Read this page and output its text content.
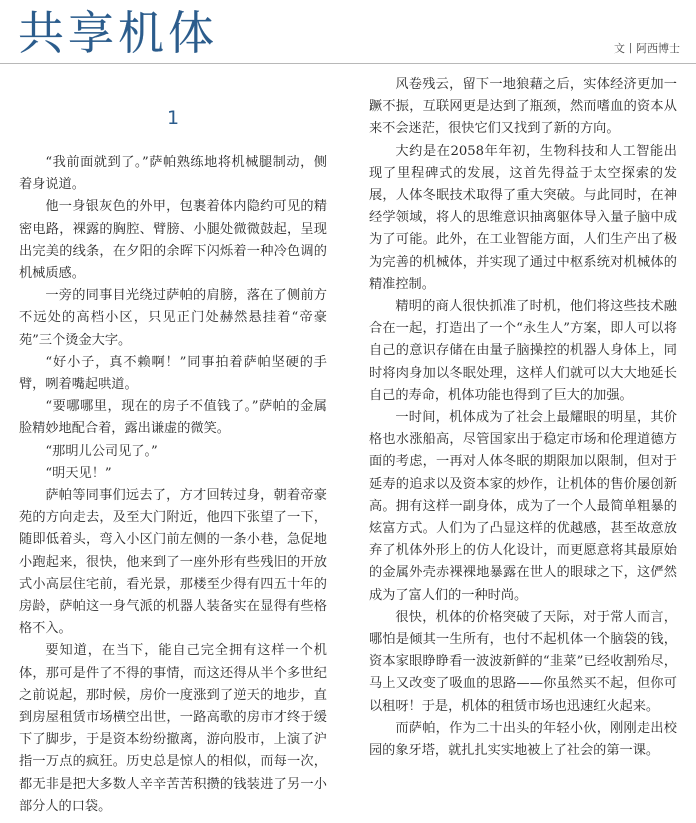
共享机体	文丨阿西博士
1

“我前面就到了。”萨帕熟练地将机械腿制动，侧着身说道。

他一身银灰色的外甲，包裹着体内隐约可见的精密电路，裸露的胸腔、臂膀、小腿处微微鼓起，呈现出完美的线条，在夕阳的余晖下闪烁着一种冷色调的机械质感。

一旁的同事目光绕过萨帕的肩膀，落在了侧前方不远处的高档小区，只见正门处赫然悬挂着“帝豪苑”三个烫金大字。

“好小子，真不赖啊！”同事拍着萨帕坚硬的手臂，咧着嘴起哄道。

“要哪哪里，现在的房子不值钱了。”萨帕的金属脸精妙地配合着，露出谦虚的微笑。

“那明儿公司见了。”

“明天见！”

萨帕等同事们远去了，方才回转过身，朝着帝豪苑的方向走去，及至大门附近，他四下张望了一下，随即低着头，弯入小区门前左侧的一条小巷，急促地小跑起来，很快，他来到了一座外形有些残旧的开放式小高层住宅前，看光景，那楼至少得有四五十年的房龄，萨帕这一身气派的机器人装备实在显得有些格格不入。

要知道，在当下，能自己完全拥有这样一个机体，那可是件了不得的事情，而这还得从半个多世纪之前说起，那时候，房价一度涨到了逆天的地步，直到房屋租赁市场横空出世，一路高歌的房市才终于缓下了脚步，于是资本纷纷撤离，游向股市，上演了沪指一万点的疯狂。历史总是惊人的相似，而每一次，都无非是把大多数人辛辛苦苦积攒的钱装进了另一小部分人的口袋。

风卷残云，留下一地狼藉之后，实体经济更加一蹶不振，互联网更是达到了瓶颈，然而嗜血的资本从来不会迷茫，很快它们又找到了新的方向。

大约是在2058年年初，生物科技和人工智能出现了里程碑式的发展，这首先得益于太空探索的发展，人体冬眠技术取得了重大突破。与此同时，在神经学领域，将人的思维意识抽离躯体导入量子脑中成为了可能。此外，在工业智能方面，人们生产出了极为完善的机械体，并实现了通过中枢系统对机械体的精准控制。

精明的商人很快抓准了时机，他们将这些技术融合在一起，打造出了一个“永生人”方案，即人可以将自己的意识存储在由量子脑操控的机器人身体上，同时将肉身加以冬眠处理，这样人们就可以大大地延长自己的寿命，机体功能也得到了巨大的加强。

一时间，机体成为了社会上最耀眼的明星，其价格也水涨船高，尽管国家出于稳定市场和伦理道德方面的考虑，一再对人体冬眠的期限加以限制，但对于延寿的追求以及资本家的炒作，让机体的售价屡创新高。拥有这样一副身体，成为了一个人最简单粗暴的炫富方式。人们为了凸显这样的优越感，甚至故意放弃了机体外形上的仿人化设计，而更愿意将其最原始的金属外壳赤裸裸地暴露在世人的眼球之下，这俨然成为了富人们的一种时尚。

很快，机体的价格突破了天际，对于常人而言，哪怕是倾其一生所有，也付不起机体一个脑袋的钱，资本家眼睁睁看一波波新鲜的“韭菜”已经收割殆尽，马上又改变了吸血的思路——你虽然买不起，但你可以租呀！于是，机体的租赁市场也迅速红火起来。

而萨帕，作为二十出头的年轻小伙，刚刚走出校园的象牙塔，就扎扎实实地被上了社会的第一课。
